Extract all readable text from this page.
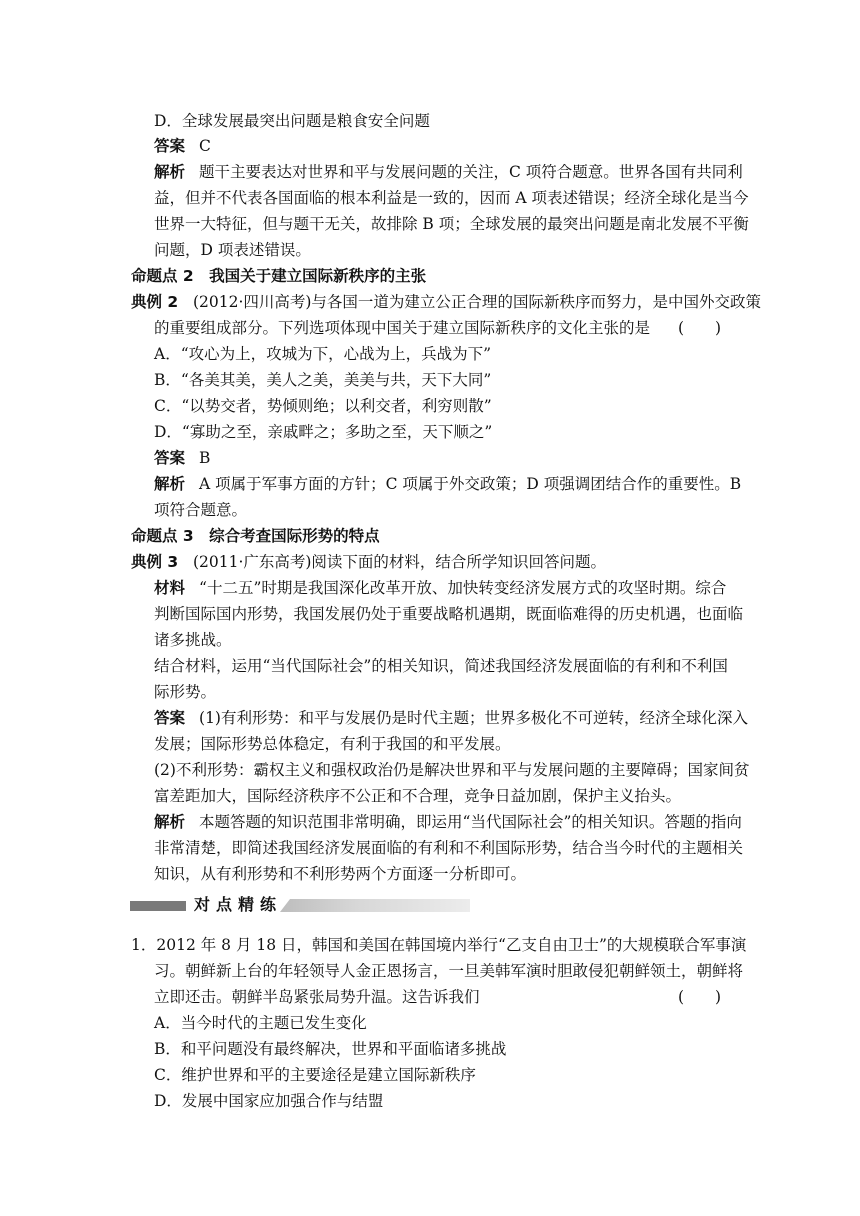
D．全球发展最突出问题是粮食安全问题
答案 C
解析 题干主要表达对世界和平与发展问题的关注，C 项符合题意。世界各国有共同利
益，但并不代表各国面临的根本利益是一致的，因而 A 项表述错误；经济全球化是当今
世界一大特征，但与题干无关，故排除 B 项；全球发展的最突出问题是南北发展不平衡
问题，D 项表述错误。
命题点 2　我国关于建立国际新秩序的主张
典例 2 (2012·四川高考)与各国一道为建立公正合理的国际新秩序而努力，是中国外交政策
的重要组成部分。下列选项体现中国关于建立国际新秩序的文化主张的是 (　　)
A．“攻心为上，攻城为下，心战为上，兵战为下”
B．“各美其美，美人之美，美美与共，天下大同”
C．“以势交者，势倾则绝；以利交者，利穷则散”
D．“寡助之至，亲戚畔之；多助之至，天下顺之”
答案 B
解析 A 项属于军事方面的方针；C 项属于外交政策；D 项强调团结合作的重要性。B
项符合题意。
命题点 3　综合考查国际形势的特点
典例 3 (2011·广东高考)阅读下面的材料，结合所学知识回答问题。
材料 “十二五”时期是我国深化改革开放、加快转变经济发展方式的攻坚时期。综合
判断国际国内形势，我国发展仍处于重要战略机遇期，既面临难得的历史机遇，也面临
诸多挑战。
结合材料，运用“当代国际社会”的相关知识，简述我国经济发展面临的有利和不利国
际形势。
答案 (1)有利形势：和平与发展仍是时代主题；世界多极化不可逆转，经济全球化深入
发展；国际形势总体稳定，有利于我国的和平发展。
(2)不利形势：霸权主义和强权政治仍是解决世界和平与发展问题的主要障碍；国家间贫
富差距加大，国际经济秩序不公正和不合理，竞争日益加剧，保护主义抬头。
解析 本题答题的知识范围非常明确，即运用“当代国际社会”的相关知识。答题的指向
非常清楚，即简述我国经济发展面临的有利和不利国际形势，结合当今时代的主题相关
知识，从有利形势和不利形势两个方面逐一分析即可。
对点精练
1．2012 年 8 月 18 日，韩国和美国在韩国境内举行“乙支自由卫士”的大规模联合军事演
习。朝鲜新上台的年轻领导人金正恩扬言，一旦美韩军演时胆敢侵犯朝鲜领土，朝鲜将
立即还击。朝鲜半岛紧张局势升温。这告诉我们	(　　)
A．当今时代的主题已发生变化
B．和平问题没有最终解决，世界和平面临诸多挑战
C．维护世界和平的主要途径是建立国际新秩序
D．发展中国家应加强合作与结盟
